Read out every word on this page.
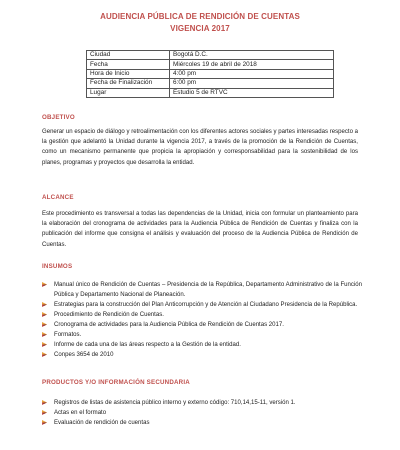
AUDIENCIA PÚBLICA DE RENDICIÓN DE CUENTAS
VIGENCIA 2017
Ciudad	Bogotá D.C.
Fecha	Miércoles 19 de abril de 2018
Hora de Inicio	4:00 pm
Fecha de Finalización	6:00 pm
Lugar	Estudio 5 de RTVC
OBJETIVO
Generar un espacio de diálogo y retroalimentación con los diferentes actores sociales y partes interesadas respecto a la gestión que adelantó la Unidad durante la vigencia 2017, a través de la promoción de la Rendición de Cuentas, como un mecanismo permanente que propicia la apropiación y corresponsabilidad para la sostenibilidad de los planes, programas y proyectos que desarrolla la entidad.
ALCANCE
Este procedimiento es transversal a todas las dependencias de la Unidad, inicia con formular un planteamiento para la elaboración del cronograma de actividades para la Audiencia Pública de Rendición de Cuentas y finaliza con la publicación del informe que consigna el análisis y evaluación del proceso de la Audiencia Pública de Rendición de Cuentas.
INSUMOS
Manual único de Rendición de Cuentas – Presidencia de la República, Departamento Administrativo de la Función Pública y Departamento Nacional de Planeación.
Estrategias para la construcción del Plan Anticorrupción y de Atención al Ciudadano Presidencia de la República.
Procedimiento de Rendición de Cuentas.
Cronograma de actividades para la Audiencia Pública de Rendición de Cuentas 2017.
Formatos.
Informe de cada una de las áreas respecto a la Gestión de la entidad.
Conpes 3654 de 2010
PRODUCTOS Y/O INFORMACIÓN SECUNDARIA
Registros de listas de asistencia público interno y externo código: 710,14,15-11, versión 1.
Actas en el formato
Evaluación de rendición de cuentas
